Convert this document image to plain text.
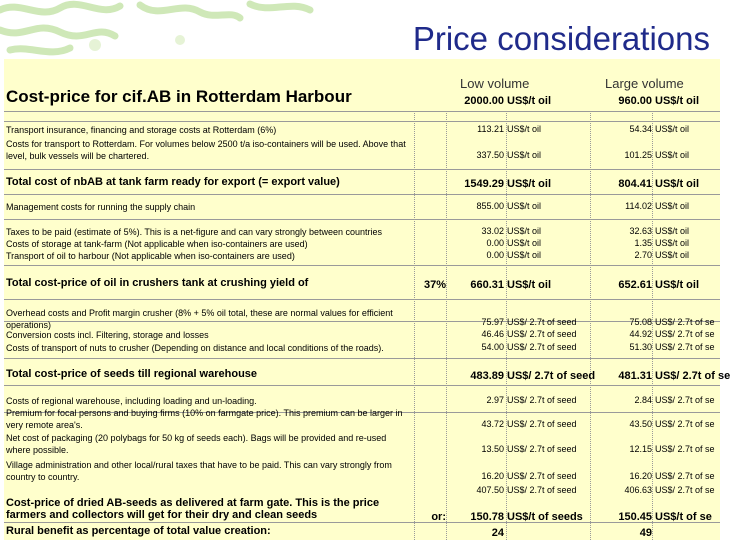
Price considerations
Low volume	Large volume
Cost-price for cif.AB in Rotterdam Harbour	2000.00 US$/t oil	960.00 US$/t oil
Transport insurance, financing and storage costs at Rotterdam (6%)	113.21 US$/t oil	54.34 US$/t oil
Costs for transport to Rotterdam. For volumes below 2500 t/a iso-containers will be used. Above that level, bulk vessels will be chartered.	337.50 US$/t oil	101.25 US$/t oil
Total cost of nbAB at tank farm ready for export (= export value)	1549.29 US$/t oil	804.41 US$/t oil
Management costs for running the supply chain	855.00 US$/t oil	114.02 US$/t oil
Taxes to be paid (estimate of 5%). This is a net-figure and can vary strongly between countries	33.02 US$/t oil	32.63 US$/t oil
Costs of storage at tank-farm (Not applicable when iso-containers are used)	0.00 US$/t oil	1.35 US$/t oil
Transport of oil to harbour (Not applicable when iso-containers are used)	0.00 US$/t oil	2.70 US$/t oil
Total cost-price of oil in crushers tank at crushing yield of	37%	660.31 US$/t oil	652.61 US$/t oil
Overhead costs and Profit margin crusher (8% + 5% oil total, these are normal values for efficient operations)	75.97 US$/ 2.7t of seed	75.08 US$/ 2.7t of se
Conversion costs incl. Filtering, storage and losses	46.46 US$/ 2.7t of seed	44.92 US$/ 2.7t of se
Costs of transport of nuts to crusher (Depending on distance and local conditions of the roads).	54.00 US$/ 2.7t of seed	51.30 US$/ 2.7t of se
Total cost-price of seeds till regional warehouse	483.89 US$/ 2.7t of seed	481.31 US$/ 2.7t of se
Costs of regional warehouse, including loading and un-loading.	2.97 US$/ 2.7t of seed	2.84 US$/ 2.7t of se
Premium for focal persons and buying firms (10% on farmgate price). This premium can be larger in very remote area's.	43.72 US$/ 2.7t of seed	43.50 US$/ 2.7t of se
Net cost of packaging (20 polybags for 50 kg of seeds each). Bags will be provided and re-used where possible.	13.50 US$/ 2.7t of seed	12.15 US$/ 2.7t of se
Village administration and other local/rural taxes that have to be paid. This can vary strongly from country to country.	16.20 US$/ 2.7t of seed	16.20 US$/ 2.7t of se
407.50 US$/ 2.7t of seed	406.63 US$/ 2.7t of se
Cost-price of dried AB-seeds as delivered at farm gate. This is the price farmers and collectors will get for their dry and clean seeds	or:	150.78 US$/t of seeds	150.45 US$/t of se
Rural benefit as percentage of total value creation:	24	49
